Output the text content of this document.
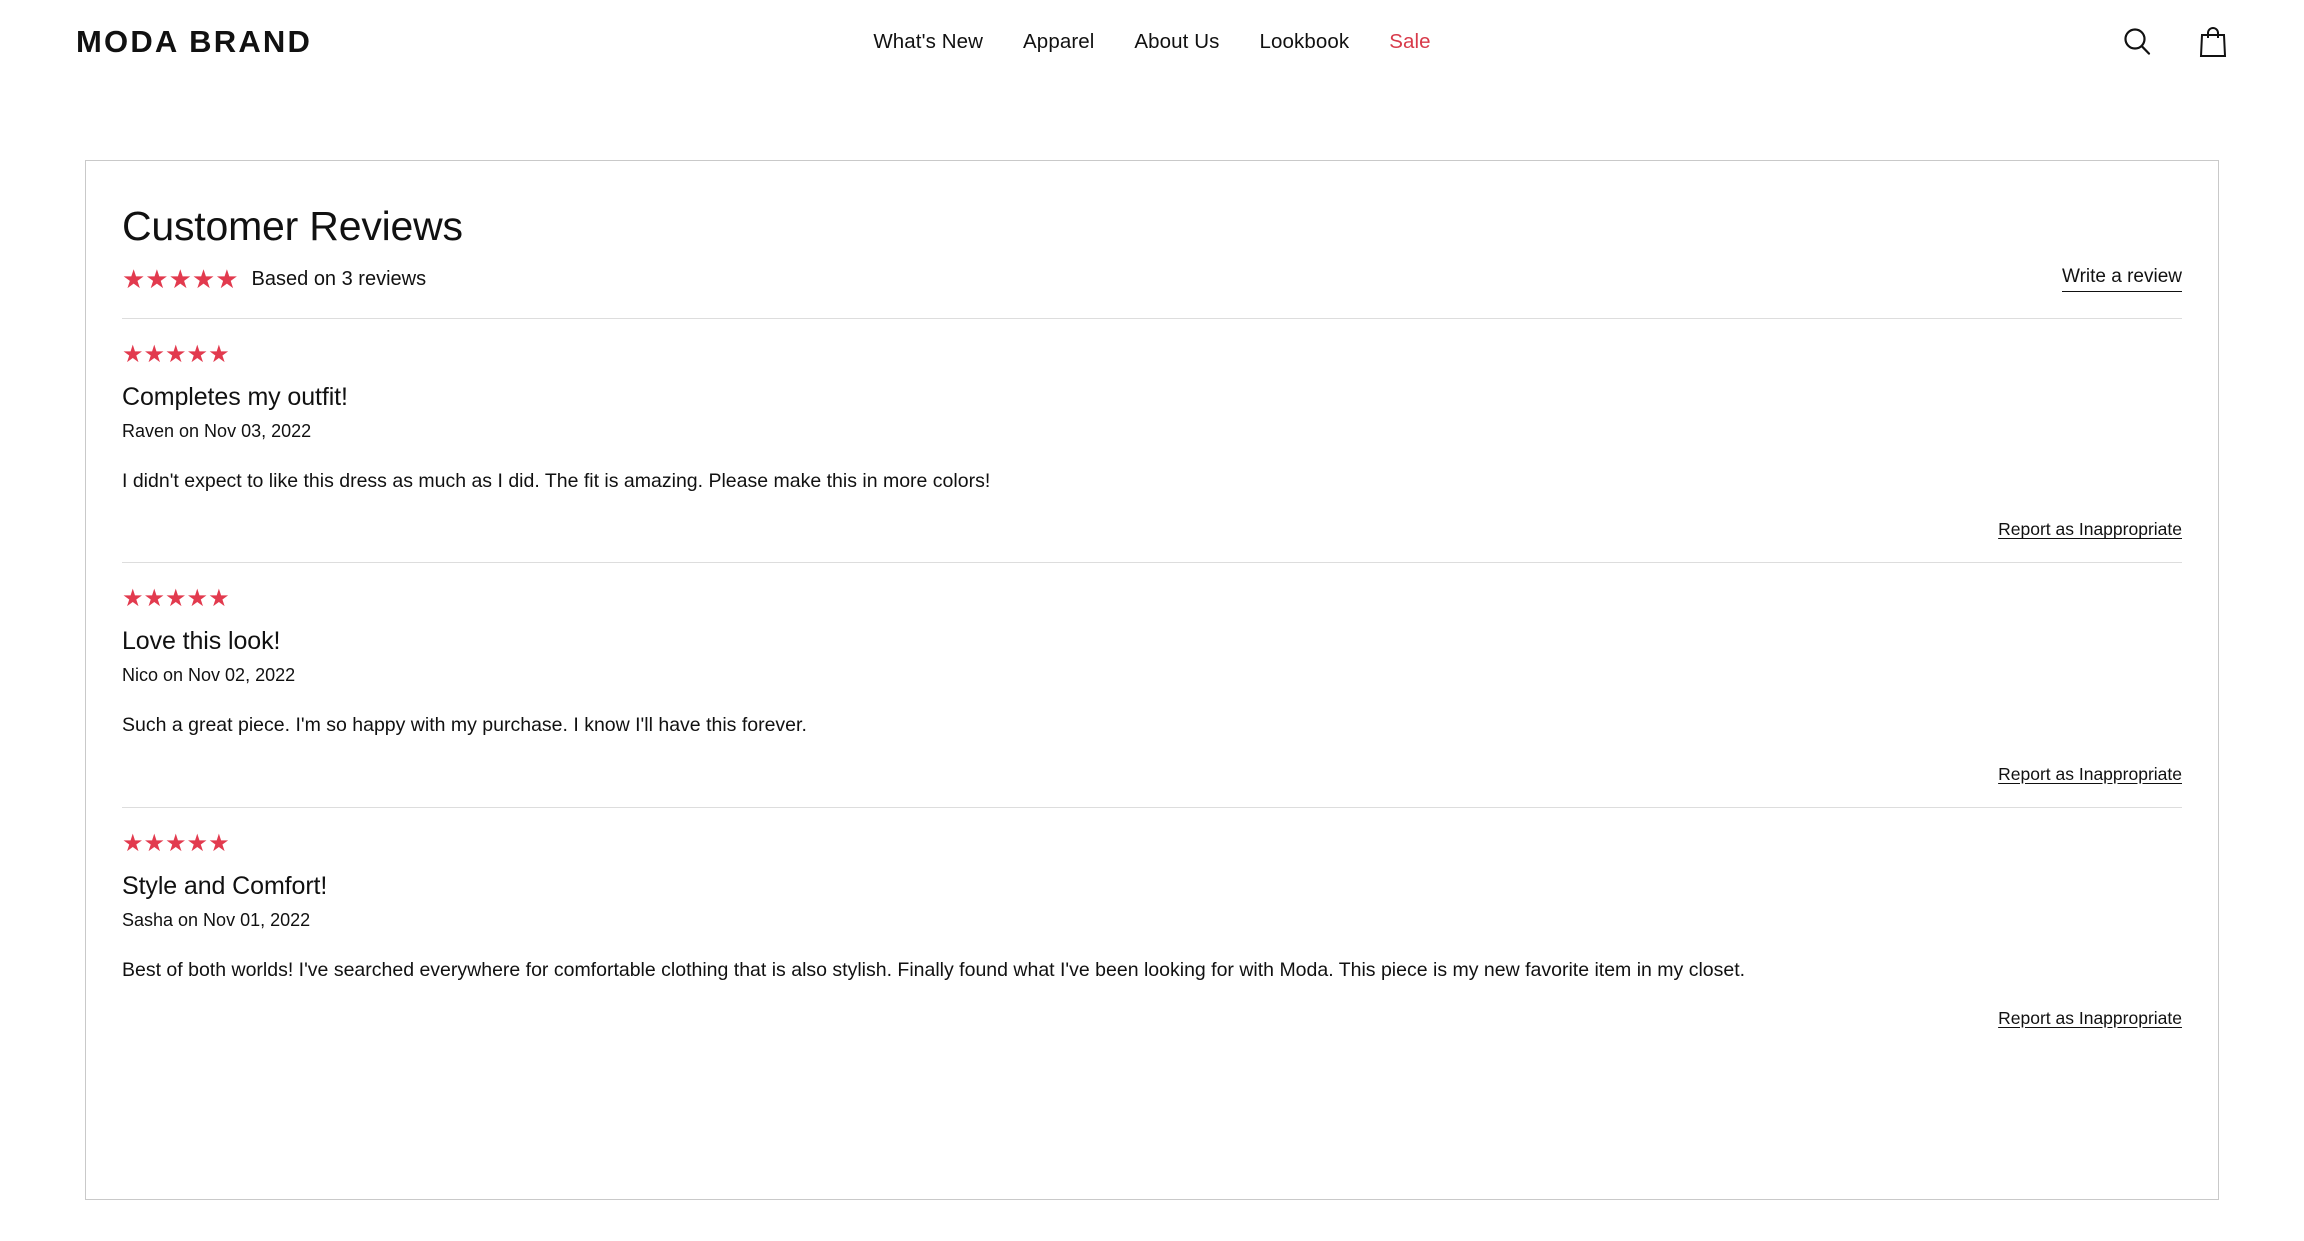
MODA BRAND	What's New Apparel About Us Lookbook Sale
Customer Reviews
★★★★★ Based on 3 reviews	Write a review
★★★★★
Completes my outfit!
Raven on Nov 03, 2022

I didn't expect to like this dress as much as I did. The fit is amazing. Please make this in more colors!

Report as Inappropriate
★★★★★
Love this look!
Nico on Nov 02, 2022

Such a great piece. I'm so happy with my purchase. I know I'll have this forever.

Report as Inappropriate
★★★★★
Style and Comfort!
Sasha on Nov 01, 2022

Best of both worlds! I've searched everywhere for comfortable clothing that is also stylish. Finally found what I've been looking for with Moda. This piece is my new favorite item in my closet.

Report as Inappropriate
